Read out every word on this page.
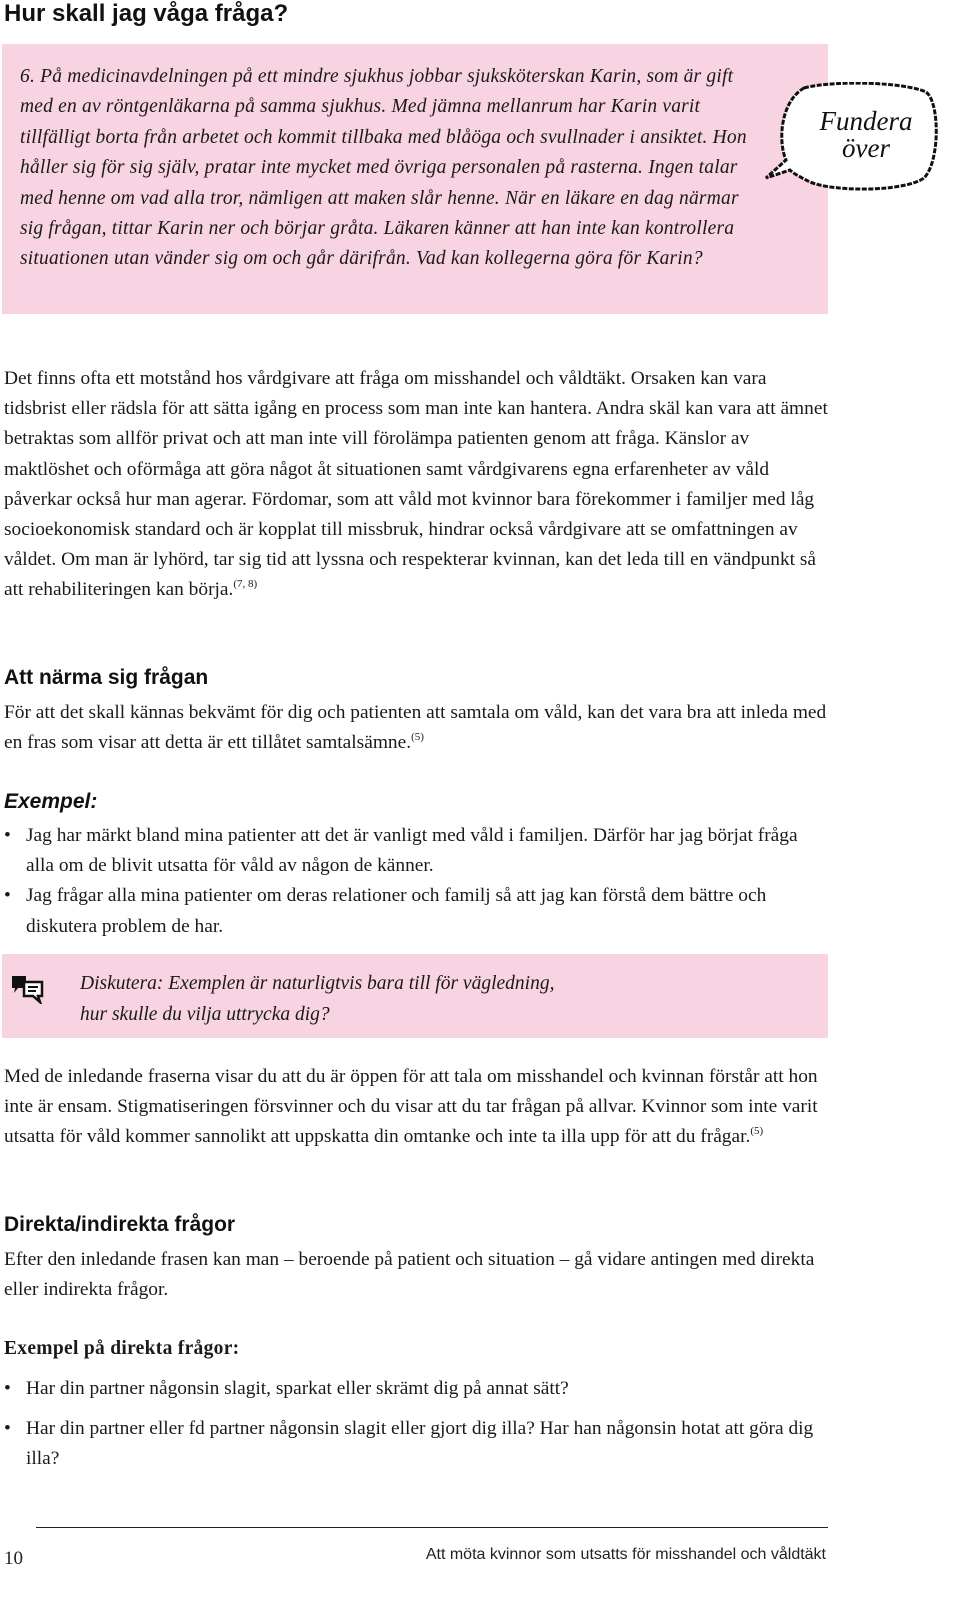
Hur skall jag våga fråga?

6. På medicinavdelningen på ett mindre sjukhus jobbar sjuksköterskan Karin, som är gift med en av röntgenläkarna på samma sjukhus. Med jämna mellanrum har Karin varit tillfälligt borta från arbetet och kommit tillbaka med blåöga och svullnader i ansiktet. Hon håller sig för sig själv, pratar inte mycket med övriga personalen på rasterna. Ingen talar med henne om vad alla tror, nämligen att maken slår henne. När en läkare en dag närmar sig frågan, tittar Karin ner och börjar gråta. Läkaren känner att han inte kan kontrollera situationen utan vänder sig om och går därifrån. Vad kan kollegerna göra för Karin?

Fundera
över

Det finns ofta ett motstånd hos vårdgivare att fråga om misshandel och våldtäkt. Orsaken kan vara tidsbrist eller rädsla för att sätta igång en process som man inte kan hantera. Andra skäl kan vara att ämnet betraktas som allför privat och att man inte vill förolämpa patienten genom att fråga. Känslor av maktlöshet och oförmåga att göra något åt situationen samt vårdgivarens egna erfarenheter av våld påverkar också hur man agerar. Fördomar, som att våld mot kvinnor bara förekommer i familjer med låg socioekonomisk standard och är kopplat till missbruk, hindrar också vårdgivare att se omfattningen av våldet. Om man är lyhörd, tar sig tid att lyssna och respekterar kvinnan, kan det leda till en vändpunkt så att rehabiliteringen kan börja.$^{(7, 8)}$

Att närma sig frågan

För att det skall kännas bekvämt för dig och patienten att samtala om våld, kan det vara bra att inleda med en fras som visar att detta är ett tillåtet samtalsämne.$^{(5)}$

Exempel:
• Jag har märkt bland mina patienter att det är vanligt med våld i familjen. Därför har jag börjat fråga alla om de blivit utsatta för våld av någon de känner.
• Jag frågar alla mina patienter om deras relationer och familj så att jag kan förstå dem bättre och diskutera problem de har.
Diskutera: Exemplen är naturligtvis bara till för vägledning,
hur skulle du vilja uttrycka dig?

Med de inledande fraserna visar du att du är öppen för att tala om misshandel och kvinnan förstår att hon inte är ensam. Stigmatiseringen försvinner och du visar att du tar frågan på allvar. Kvinnor som inte varit utsatta för våld kommer sannolikt att uppskatta din omtanke och inte ta illa upp för att du frågar.$^{(5)}$

Direkta/indirekta frågor

Efter den inledande frasen kan man – beroende på patient och situation – gå vidare antingen med direkta eller indirekta frågor.

Exempel på direkta frågor:

• Har din partner någonsin slagit, sparkat eller skrämt dig på annat sätt?
• Har din partner eller fd partner någonsin slagit eller gjort dig illa? Har han någonsin hotat att göra dig illa?
10	Att möta kvinnor som utsatts för misshandel och våldtäkt
